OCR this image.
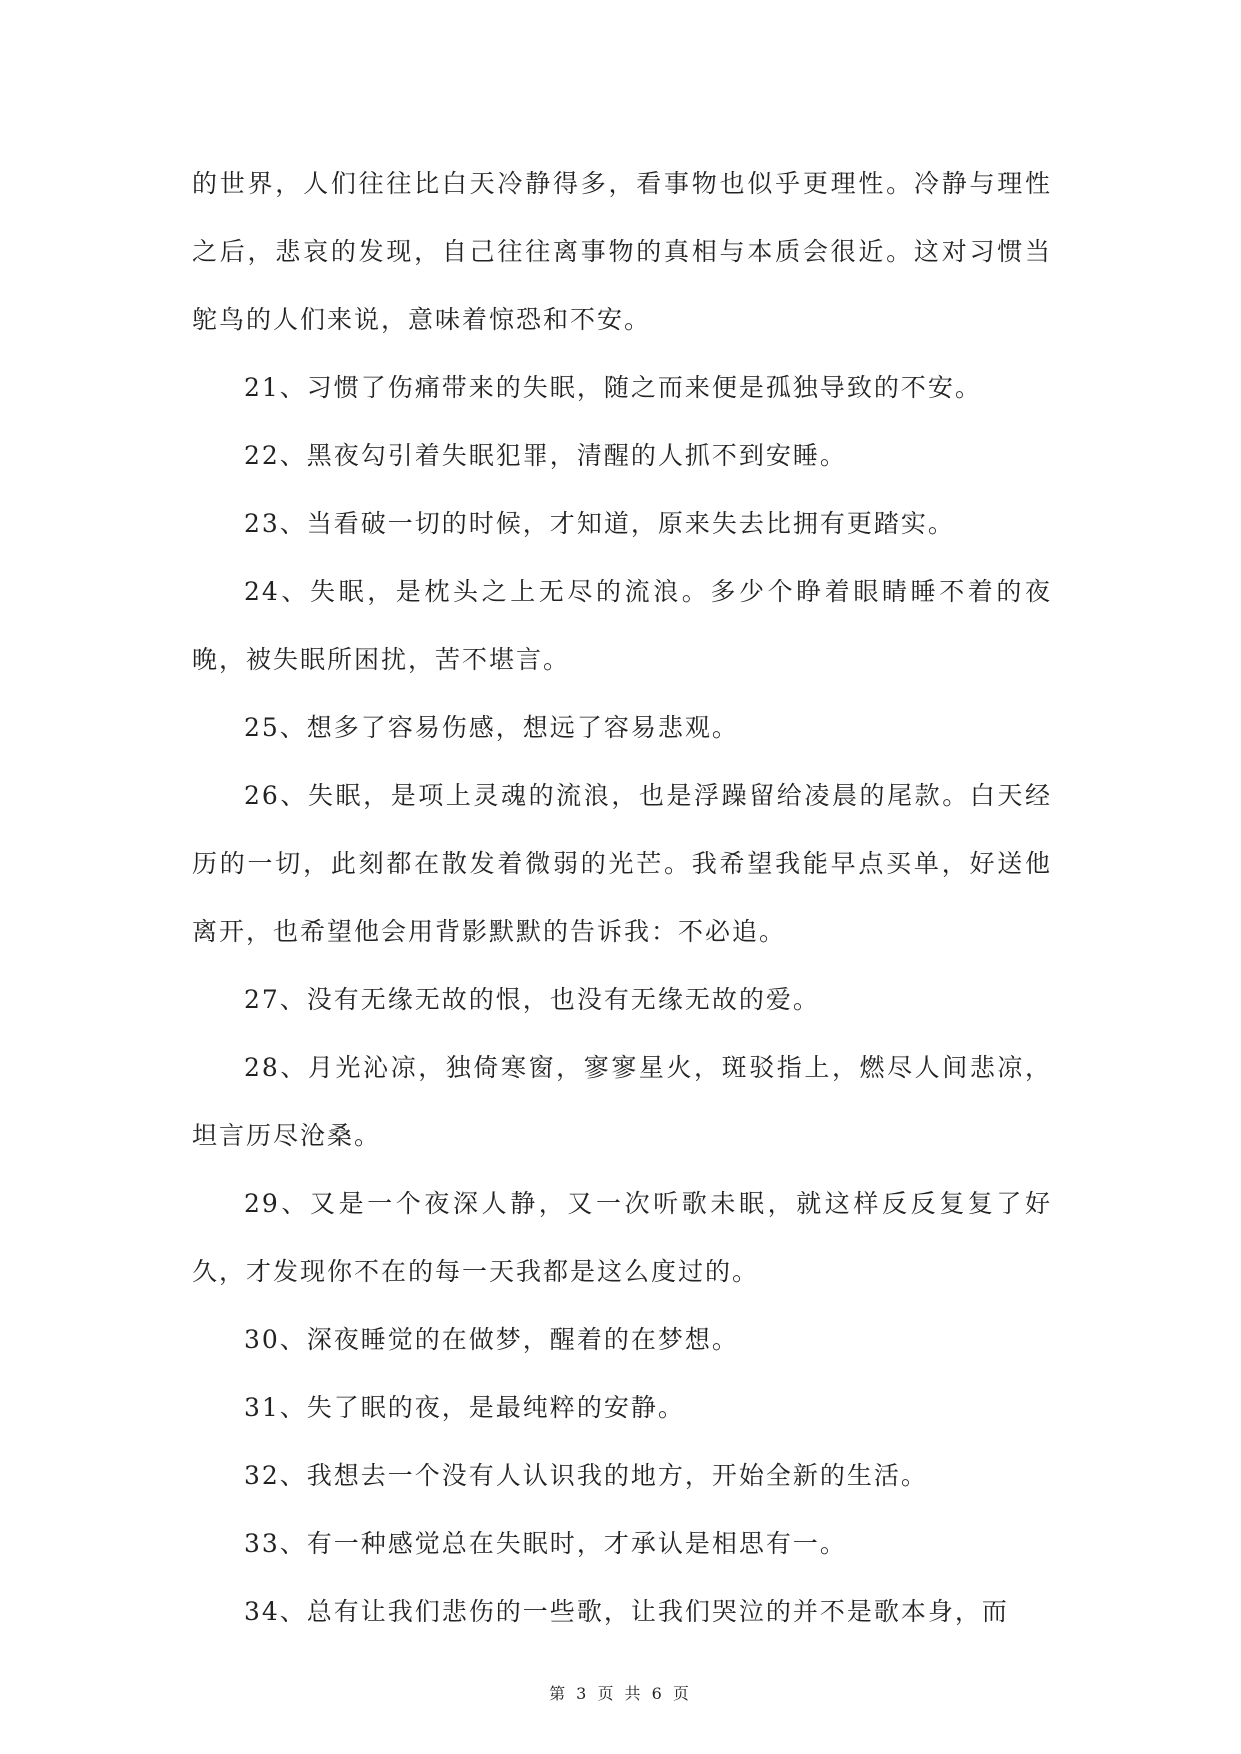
的世界，人们往往比白天冷静得多，看事物也似乎更理性。冷静与理性之后，悲哀的发现，自己往往离事物的真相与本质会很近。这对习惯当鸵鸟的人们来说，意味着惊恐和不安。

21、习惯了伤痛带来的失眠，随之而来便是孤独导致的不安。

22、黑夜勾引着失眠犯罪，清醒的人抓不到安睡。

23、当看破一切的时候，才知道，原来失去比拥有更踏实。

24、失眠，是枕头之上无尽的流浪。多少个睁着眼睛睡不着的夜晚，被失眠所困扰，苦不堪言。

25、想多了容易伤感，想远了容易悲观。

26、失眠，是项上灵魂的流浪，也是浮躁留给凌晨的尾款。白天经历的一切，此刻都在散发着微弱的光芒。我希望我能早点买单，好送他离开，也希望他会用背影默默的告诉我：不必追。

27、没有无缘无故的恨，也没有无缘无故的爱。

28、月光沁凉，独倚寒窗，寥寥星火，斑驳指上，燃尽人间悲凉，坦言历尽沧桑。

29、又是一个夜深人静，又一次听歌未眠，就这样反反复复了好久，才发现你不在的每一天我都是这么度过的。

30、深夜睡觉的在做梦，醒着的在梦想。

31、失了眠的夜，是最纯粹的安静。

32、我想去一个没有人认识我的地方，开始全新的生活。

33、有一种感觉总在失眠时，才承认是相思有一。

34、总有让我们悲伤的一些歌，让我们哭泣的并不是歌本身，而

第 3 页 共 6 页
